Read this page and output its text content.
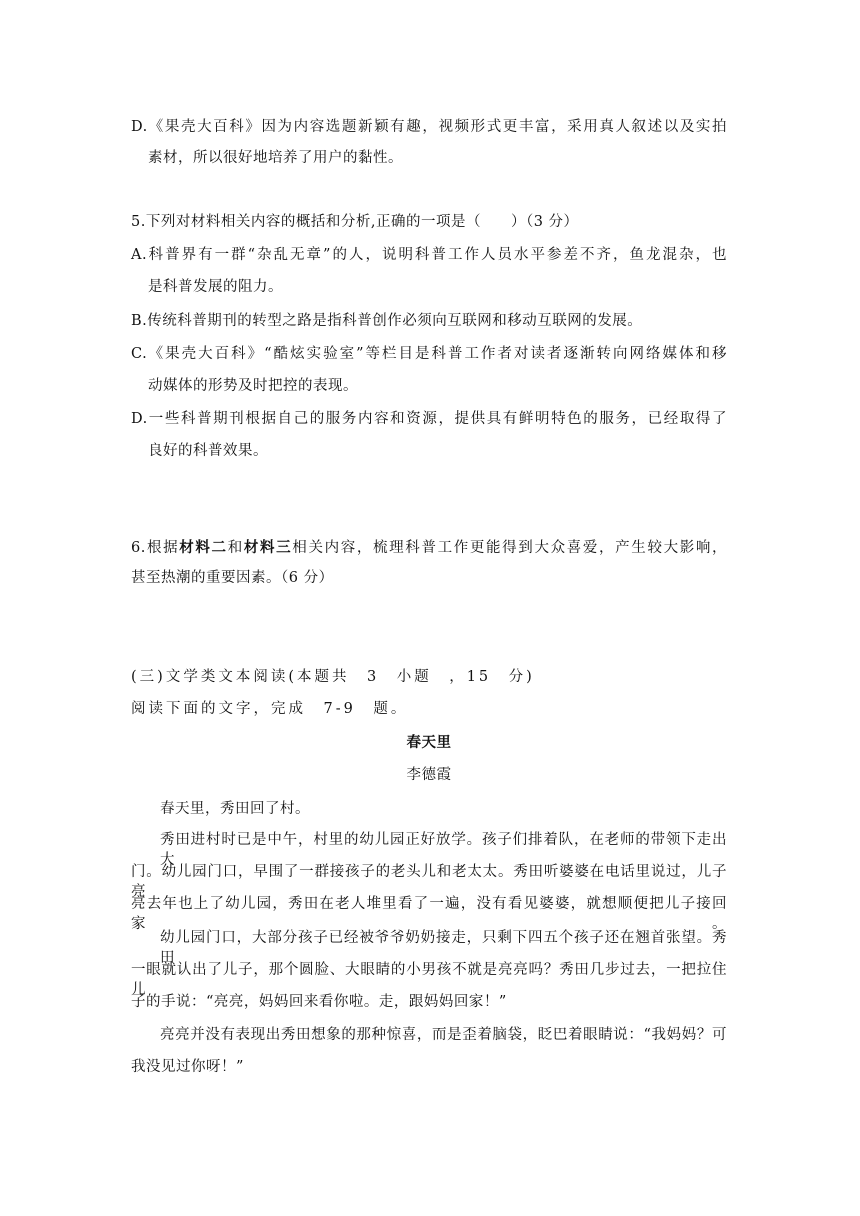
D.《果壳大百科》因为内容选题新颖有趣，视频形式更丰富，采用真人叙述以及实拍
素材，所以很好地培养了用户的黏性。
5.下列对材料相关内容的概括和分析,正确的一项是（　　）（3 分）
A.科普界有一群“杂乱无章”的人，说明科普工作人员水平参差不齐，鱼龙混杂，也
是科普发展的阻力。
B.传统科普期刊的转型之路是指科普创作必须向互联网和移动互联网的发展。
C.《果壳大百科》“酷炫实验室”等栏目是科普工作者对读者逐渐转向网络媒体和移
动媒体的形势及时把控的表现。
D.一些科普期刊根据自己的服务内容和资源，提供具有鲜明特色的服务，已经取得了
良好的科普效果。
6.根据材料二和材料三相关内容，梳理科普工作更能得到大众喜爱，产生较大影响，
甚至热潮的重要因素。（6 分）
(三)文学类文本阅读(本题共　3　小题　，15　分)
阅读下面的文字，完成　7-9　题。
春天里
李德霞
春天里，秀田回了村。
秀田进村时已是中午，村里的幼儿园正好放学。孩子们排着队，在老师的带领下走出大
门。幼儿园门口，早围了一群接孩子的老头儿和老太太。秀田听婆婆在电话里说过，儿子亮
亮去年也上了幼儿园，秀田在老人堆里看了一遍，没有看见婆婆，就想顺便把儿子接回家。
幼儿园门口，大部分孩子已经被爷爷奶奶接走，只剩下四五个孩子还在翘首张望。秀田
一眼就认出了儿子，那个圆脸、大眼睛的小男孩不就是亮亮吗？秀田几步过去，一把拉住儿
子的手说：“亮亮，妈妈回来看你啦。走，跟妈妈回家！”
亮亮并没有表现出秀田想象的那种惊喜，而是歪着脑袋，眨巴着眼睛说：“我妈妈？可
我没见过你呀！”
